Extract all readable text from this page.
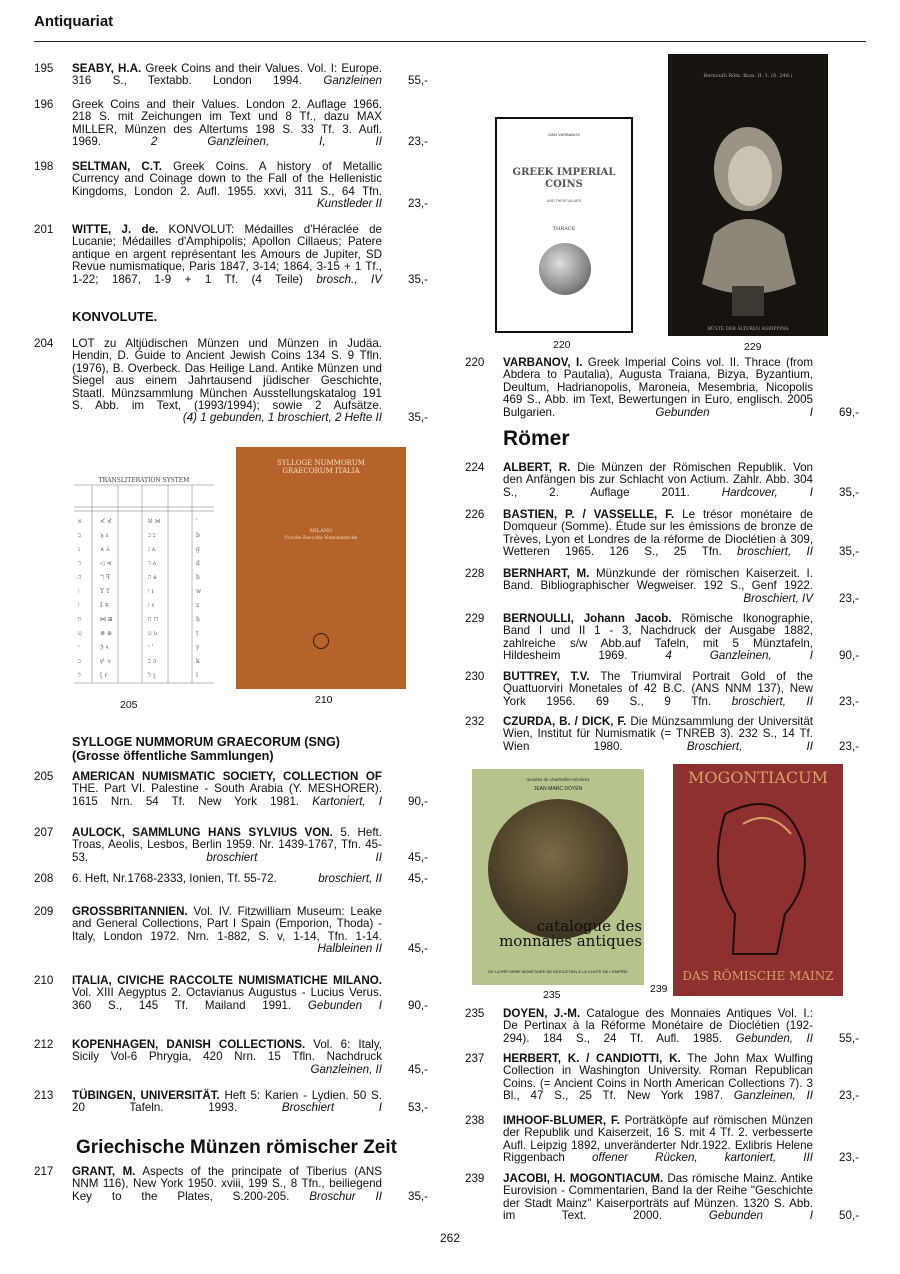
Antiquariat
195 SEABY, H.A. Greek Coins and their Values. Vol. I: Europe.
316 S., Textabb. London 1994. Ganzleinen 55,-
196 Greek Coins and their Values. London 2. Auflage 1966.
218 S. mit Zeichungen im Text und 8 Tf., dazu MAX
MILLER, Münzen des Altertums 198 S. 33 Tf. 3. Aufl.
1969.	2 Ganzleinen, I, II 23,-
198 SELTMAN, C.T. Greek Coins. A history of Metallic
Currency and Coinage down to the Fall of the Hellenistic
Kingdoms, London 2. Aufl. 1955. xxvi, 311 S., 64 Tfn.
Kunstleder II 23,-
201 WITTE, J. de. KONVOLUT: Médailles d'Héraclée de
Lucanie; Médailles d'Amphipolis; Apollon Cillaeus; Patere
antique en argent représentant les Amours de Jupiter, SD
Revue numismatique, Paris 1847, 3-14; 1864, 3-15 + 1 Tf.,
1-22; 1867, 1-9 + 1 Tf. (4 Teile) brosch., IV 35,-
204 LOT zu Altjüdischen Münzen und Münzen in Judäa.
Hendin, D. Guide to Ancient Jewish Coins 134 S. 9 Tfln.
(1976), B. Overbeck. Das Heilige Land. Antike Münzen und
Siegel aus einem Jahrtausend jüdischer Geschichte,
Staatl. Münzsammlung München Ausstellungskatalog 191
S. Abb. im Text, (1993/1994); sowie 2 Aufsätze.
(4) 1 gebunden, 1 broschiert, 2 Hefte II 35,-
205 AMERICAN NUMISMATIC SOCIETY, COLLECTION OF
THE. Part VI. Palestine - South Arabia (Y. MESHORER).
1615 Nrn. 54 Tf. New York 1981. Kartoniert, I 90,-
207 AULOCK, SAMMLUNG HANS SYLVIUS VON. 5. Heft.
Troas, Aeolis, Lesbos, Berlin 1959. Nr. 1439-1767, Tfn. 45-
53.	broschiert II 45,-
208 6. Heft, Nr.1768-2333, Ionien, Tf. 55-72.	broschiert, II 45,-
209 GROSSBRITANNIEN. Vol. IV. Fitzwilliam Museum: Leake
and General Collections, Part I Spain (Emporion, Thoda) -
Italy, London 1972. Nrn. 1-882, S. v, 1-14, Tfn. 1-14.
Halbleinen II 45,-
210 ITALIA, CIVICHE RACCOLTE NUMISMATICHE MILANO.
Vol. XIII Aegyptus 2. Octavianus Augustus - Lucius Verus.
360 S., 145 Tf. Mailand 1991. Gebunden I 90,-
212 KOPENHAGEN, DANISH COLLECTIONS. Vol. 6: Italy,
Sicily Vol-6 Phrygia, 420 Nrn. 15 Tfln. Nachdruck
Ganzleinen, II 45,-
213 TÜBINGEN, UNIVERSITÄT. Heft 5: Karien - Lydien. 50 S.
20 Tafeln. 1993.	Broschiert I 53,-
217 GRANT, M. Aspects of the principate of Tiberius (ANS
NNM 116), New York 1950. xviii, 199 S., 8 Tfn., beiliegend
Key to the Plates, S.200-205. Broschur II 35,-
KONVOLUTE.
SYLLOGE NUMMORUM GRAECORUM (SNG)
(Grosse öffentliche Sammlungen)
Griechische Münzen römischer Zeit
205	210
220 VARBANOV, I. Greek Imperial Coins vol. II. Thrace (from
Abdera to Pautalia), Augusta Traiana, Bizya, Byzantium,
Deultum, Hadrianopolis, Maroneia, Mesembria, Nicopolis
469 S., Abb. im Text, Bewertungen in Euro, englisch. 2005
Bulgarien.	Gebunden I 69,-
224 ALBERT, R. Die Münzen der Römischen Republik. Von
den Anfängen bis zur Schlacht von Actium. Zahlr. Abb. 304
S., 2. Auflage 2011.	Hardcover, I 35,-
226 BASTIEN, P. / VASSELLE, F. Le trésor monétaire de
Domqueur (Somme). Étude sur les émissions de bronze de
Trèves, Lyon et Londres de la réforme de Dioclétien à 309,
Wetteren 1965. 126 S., 25 Tfn. broschiert, II 35,-
228 BERNHART, M. Münzkunde der römischen Kaiserzeit. I.
Band. Bibliographischer Wegweiser. 192 S., Genf 1922.
Broschiert, IV 23,-
229 BERNOULLI, Johann Jacob. Römische Ikonographie,
Band I und II 1 - 3, Nachdruck der Ausgabe 1882,
zahlreiche s/w Abb.auf Tafeln, mit 5 Münztafeln,
Hildesheim 1969.	4 Ganzleinen, I 90,-
230 BUTTREY, T.V. The Triumviral Portrait Gold of the
Quattuorviri Monetales of 42 B.C. (ANS NNM 137), New
York 1956. 69 S., 9 Tfn. broschiert, II 23,-
232 CZURDA, B. / DICK, F. Die Münzsammlung der Universität
Wien, Institut für Numismatik (= TNREB 3). 232 S., 14 Tf.
Wien 1980.	Broschiert, II 23,-
235 DOYEN, J.-M. Catalogue des Monnaies Antiques Vol. I.:
De Pertinax à la Réforme Monétaire de Dioclétien (192-
294). 184 S., 24 Tf. Aufl. 1985. Gebunden, II 55,-
237 HERBERT, K. / CANDIOTTI, K. The John Max Wulfing
Collection in Washington University. Roman Republican
Coins. (= Ancient Coins in North American Collections 7). 3
Bl., 47 S., 25 Tf. New York 1987. Ganzleinen, II 23,-
238 IMHOOF-BLUMER, F. Porträtköpfe auf römischen Münzen
der Republik und Kaiserzeit, 16 S. mit 4 Tf. 2. verbesserte
Aufl. Leipzig 1892, unveränderter Ndr.1922. Exlibris Helene
Riggenbach offener Rücken, kartoniert, III 23,-
239 JACOBI, H. MOGONTIACUM. Das römische Mainz. Antike
Eurovision - Commentarien, Band Ia der Reihe "Geschichte
der Stadt Mainz" Kaiserporträts auf Münzen. 1320 S. Abb.
im Text. 2000.	Gebunden I 50,-
Römer
220	229
235	239
TRANSLITERATION SYSTEM
א
ב
ג
ד
ה
ו
ז
ח
ט
י
כ
ל
≮ ⊀
ϡ ɤ
∧ ⅄
◁ ⊲
ℸ ꟻ
Y ϒ
I ∓
⋈ ⊞
⊗ ⊕
ℨ ꝛ
⊬ ⋎
ɭ ℓ
ℵ ⋊
ב ב
ג ʌ
ד ᴧ
ה ꞩ
ו ı
ז ℓ
ח ⊓
ט ʋ
י ’
כ ɔ
ל ʅ
ʾ
b
g
d
h
w
z
ḥ
ṭ
y
k
l
SYLLOGE NUMMORUM GRAECORUM ITALIA
MILANO
Civiche Raccolte Numismatiche
IVAN VARBANOV
GREEK IMPERIAL COINS
AND THEIR VALUES
THRACE
Bernoulli Röm. Ikon. II. 1. (S. 248.)
BÜSTE DER ÄLTEREN AGRIPPINA
musées de charleville-mézières
JEAN-MARC DOYEN
catalogue des monnaies antiques
DE LA RÉFORME MONÉTAIRE DE DIOCLÉTIEN À LA CHUTE DE L'EMPIRE
MOGONTIACUM
DAS RÖMISCHE MAINZ
262
